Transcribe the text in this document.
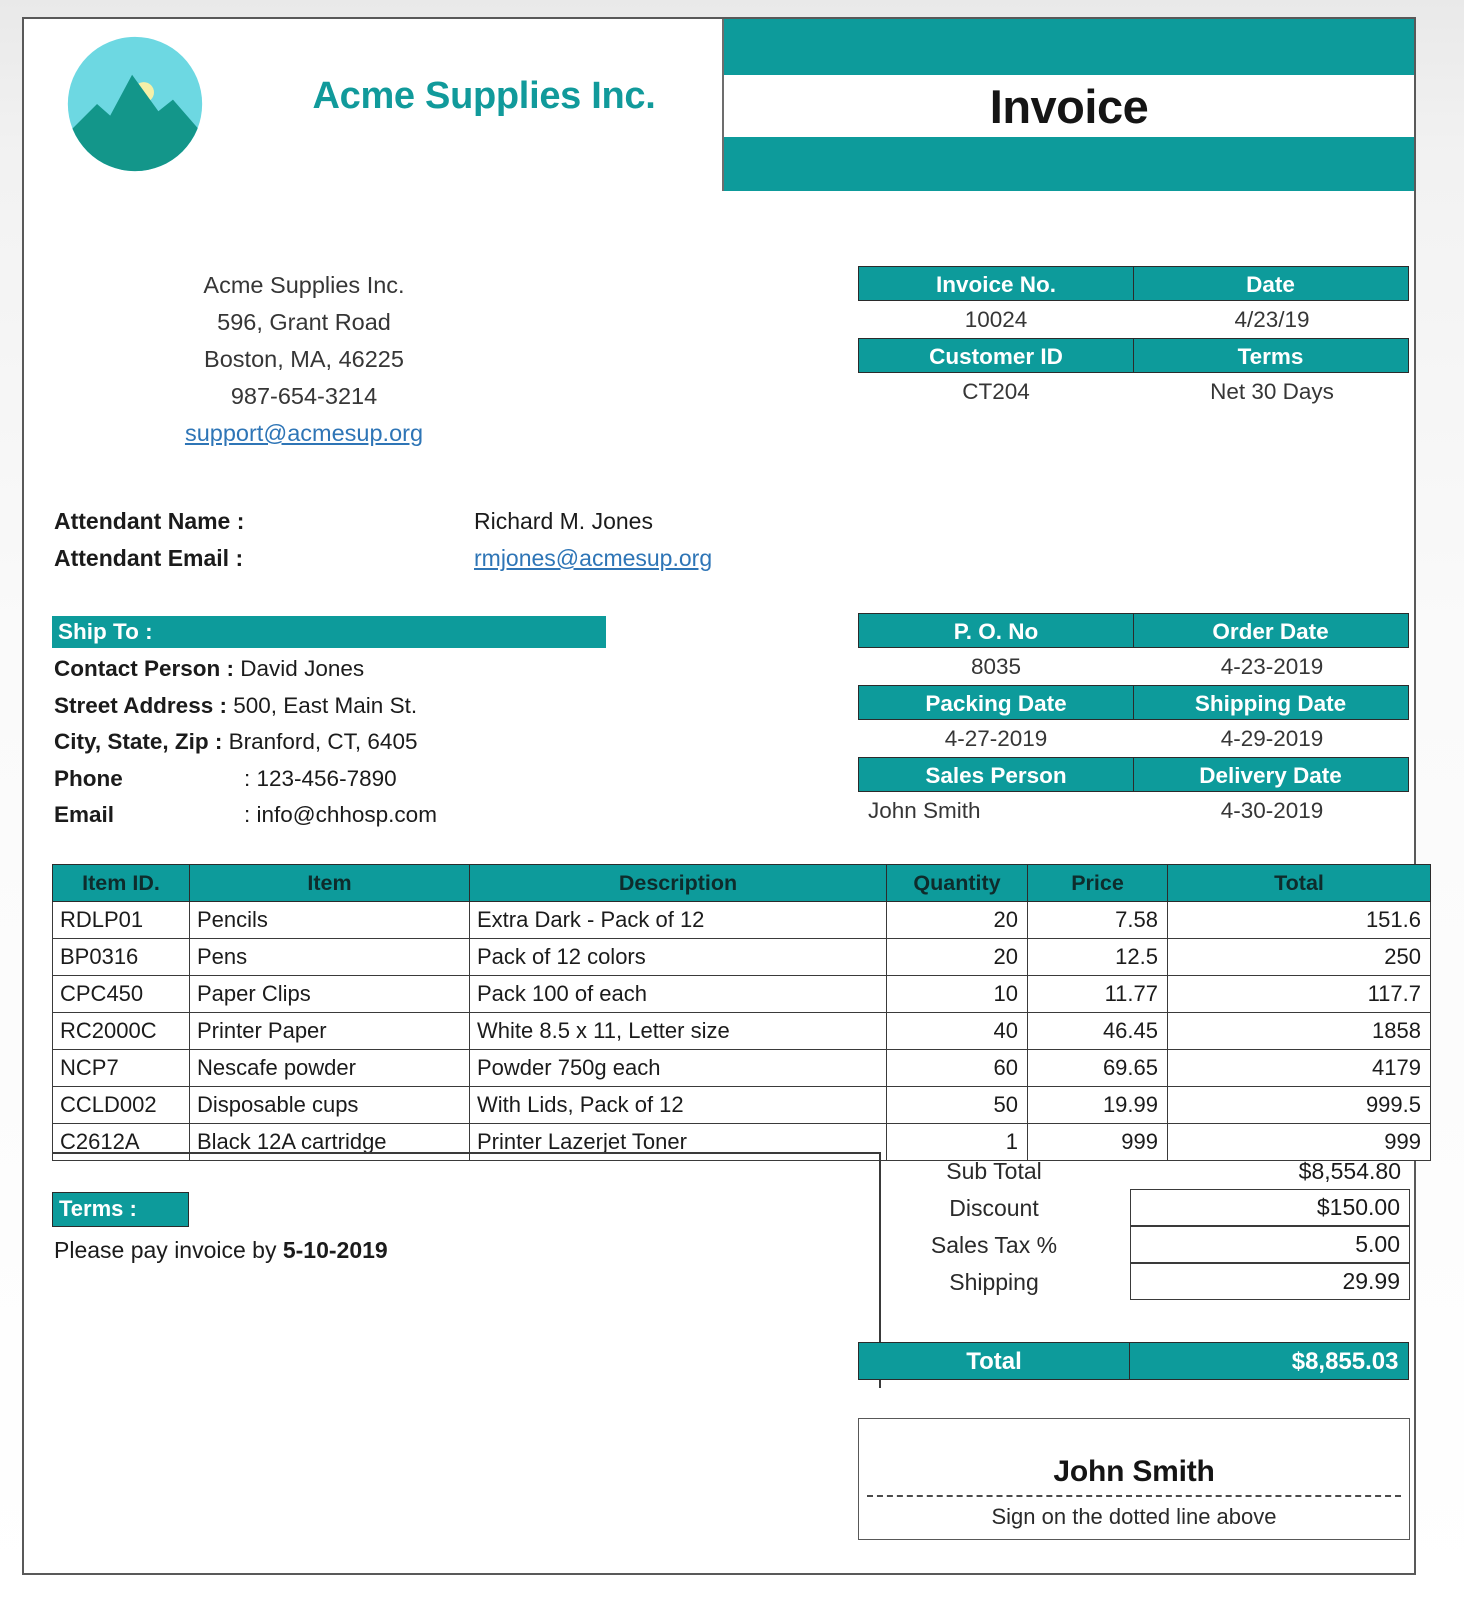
Acme Supplies Inc.	Invoice
Acme Supplies Inc.
596, Grant Road
Boston, MA, 46225
987-654-3214
support@acmesup.org
Invoice No.	Date
10024	4/23/19
Customer ID	Terms
CT204	Net 30 Days
Attendant Name :	Richard M. Jones
Attendant Email :	rmjones@acmesup.org
Ship To :
Contact Person : David Jones
Street Address : 500, East Main St.
City, State, Zip : Branford, CT, 6405
Phone	: 123-456-7890
Email	: info@chhosp.com
P. O. No	Order Date
8035	4-23-2019
Packing Date	Shipping Date
4-27-2019	4-29-2019
Sales Person	Delivery Date
John Smith	4-30-2019
Item ID.	Item	Description	Quantity	Price	Total
RDLP01	Pencils	Extra Dark - Pack of 12	20	7.58	151.6
BP0316	Pens	Pack of 12 colors	20	12.5	250
CPC450	Paper Clips	Pack 100 of each	10	11.77	117.7
RC2000C	Printer Paper	White 8.5 x 11, Letter size	40	46.45	1858
NCP7	Nescafe powder	Powder 750g each	60	69.65	4179
CCLD002	Disposable cups	With Lids, Pack of 12	50	19.99	999.5
C2612A	Black 12A cartridge	Printer Lazerjet Toner	1	999	999
Sub Total	$8,554.80
Discount	$150.00
Sales Tax %	5.00
Shipping	29.99
Total	$8,855.03
Terms :
Please pay invoice by 5-10-2019
John Smith
Sign on the dotted line above
